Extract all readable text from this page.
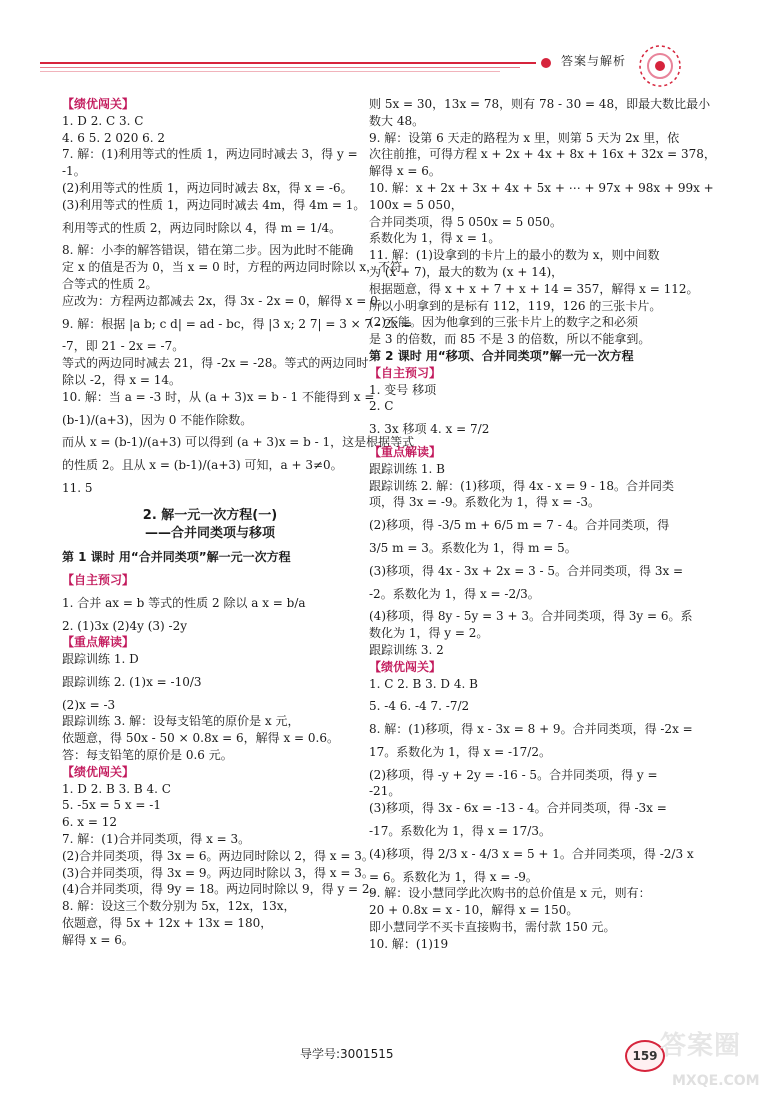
答案与解析

【绩优闯关】

1. D 2. C 3. C

4. 6 5. 2 020 6. 2

7. 解：(1)利用等式的性质 1，两边同时减去 3，得 y =

-1。

(2)利用等式的性质 1，两边同时减去 8x，得 x = -6。

(3)利用等式的性质 1，两边同时减去 4m，得 4m = 1。

利用等式的性质 2，两边同时除以 4，得 m = 1/4。

8. 解：小李的解答错误，错在第二步。因为此时不能确

定 x 的值是否为 0，当 x = 0 时，方程的两边同时除以 x，不符

合等式的性质 2。

应改为：方程两边都减去 2x，得 3x - 2x = 0，解得 x = 0。

9. 解：根据 |a b; c d| = ad - bc，得 |3 x; 2 7| = 3 × 7 - 2x =

-7，即 21 - 2x = -7。

等式的两边同时减去 21，得 -2x = -28。等式的两边同时

除以 -2，得 x = 14。

10. 解：当 a = -3 时，从 (a + 3)x = b - 1 不能得到 x =

(b-1)/(a+3)，因为 0 不能作除数。

而从 x = (b-1)/(a+3) 可以得到 (a + 3)x = b - 1，这是根据等式

的性质 2。且从 x = (b-1)/(a+3) 可知，a + 3≠0。

11. 5

2. 解一元一次方程(一)

——合并同类项与移项

第 1 课时 用“合并同类项”解一元一次方程

【自主预习】

1. 合并 ax = b 等式的性质 2 除以 a x = b/a

2. (1)3x (2)4y (3) -2y

【重点解读】

跟踪训练 1. D

跟踪训练 2. (1)x = -10/3

(2)x = -3

跟踪训练 3. 解：设每支铅笔的原价是 x 元，

依题意，得 50x - 50 × 0.8x = 6，解得 x = 0.6。

答：每支铅笔的原价是 0.6 元。

【绩优闯关】

1. D 2. B 3. B 4. C

5. -5x = 5 x = -1

6. x = 12

7. 解：(1)合并同类项，得 x = 3。

(2)合并同类项，得 3x = 6。两边同时除以 2，得 x = 3。

(3)合并同类项，得 3x = 9。两边同时除以 3，得 x = 3。

(4)合并同类项，得 9y = 18。两边同时除以 9，得 y = 2。

8. 解：设这三个数分别为 5x，12x，13x，

依题意，得 5x + 12x + 13x = 180，

解得 x = 6。

则 5x = 30，13x = 78，则有 78 - 30 = 48，即最大数比最小

数大 48。

9. 解：设第 6 天走的路程为 x 里，则第 5 天为 2x 里，依

次往前推，可得方程 x + 2x + 4x + 8x + 16x + 32x = 378，

解得 x = 6。

10. 解：x + 2x + 3x + 4x + 5x + ⋯ + 97x + 98x + 99x +

100x = 5 050，

合并同类项，得 5 050x = 5 050。

系数化为 1，得 x = 1。

11. 解：(1)设拿到的卡片上的最小的数为 x，则中间数

为 (x + 7)，最大的数为 (x + 14)，

根据题意，得 x + x + 7 + x + 14 = 357，解得 x = 112。

所以小明拿到的是标有 112，119，126 的三张卡片。

(2)不能。因为他拿到的三张卡片上的数字之和必须

是 3 的倍数，而 85 不是 3 的倍数，所以不能拿到。

第 2 课时 用“移项、合并同类项”解一元一次方程

【自主预习】

1. 变号 移项

2. C

3. 3x 移项 4. x = 7/2

【重点解读】

跟踪训练 1. B

跟踪训练 2. 解：(1)移项，得 4x - x = 9 - 18。合并同类

项，得 3x = -9。系数化为 1，得 x = -3。

(2)移项，得 -3/5 m + 6/5 m = 7 - 4。合并同类项，得

3/5 m = 3。系数化为 1，得 m = 5。

(3)移项，得 4x - 3x + 2x = 3 - 5。合并同类项，得 3x =

-2。系数化为 1，得 x = -2/3。

(4)移项，得 8y - 5y = 3 + 3。合并同类项，得 3y = 6。系

数化为 1，得 y = 2。

跟踪训练 3. 2

【绩优闯关】

1. C 2. B 3. D 4. B

5. -4 6. -4 7. -7/2

8. 解：(1)移项，得 x - 3x = 8 + 9。合并同类项，得 -2x =

17。系数化为 1，得 x = -17/2。

(2)移项，得 -y + 2y = -16 - 5。合并同类项，得 y =

-21。

(3)移项，得 3x - 6x = -13 - 4。合并同类项，得 -3x =

-17。系数化为 1，得 x = 17/3。

(4)移项，得 2/3 x - 4/3 x = 5 + 1。合并同类项，得 -2/3 x

= 6。系数化为 1，得 x = -9。

9. 解：设小慧同学此次购书的总价值是 x 元，则有：

20 + 0.8x = x - 10，解得 x = 150。

即小慧同学不买卡直接购书，需付款 150 元。

10. 解：(1)19

导学号:3001515	159 答案圈
MXQE.COM
